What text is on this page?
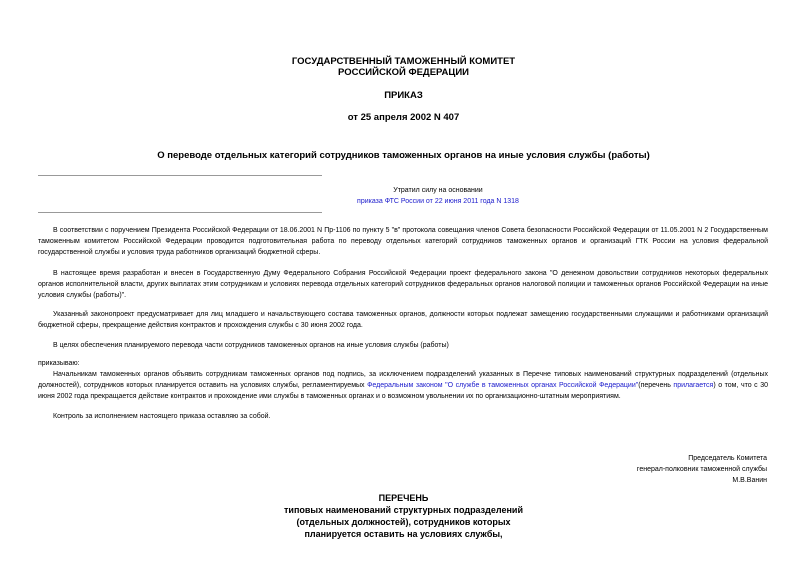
ГОСУДАРСТВЕННЫЙ ТАМОЖЕННЫЙ КОМИТЕТ
РОССИЙСКОЙ ФЕДЕРАЦИИ
ПРИКАЗ
от 25 апреля 2002 N 407
О переводе отдельных категорий сотрудников таможенных органов на иные условия службы (работы)
Утратил силу на основании
приказа ФТС России от 22 июня 2011 года N 1318
В соответствии с поручением Президента Российской Федерации от 18.06.2001 N Пр-1106 по пункту 5 "в" протокола совещания членов Совета безопасности Российской Федерации от 11.05.2001 N 2 Государственным таможенным комитетом Российской Федерации проводится подготовительная работа по переводу отдельных категорий сотрудников таможенных органов и организаций ГТК России на условия федеральной государственной службы и условия труда работников организаций бюджетной сферы.
В настоящее время разработан и внесен в Государственную Думу Федерального Собрания Российской Федерации проект федерального закона "О денежном довольствии сотрудников некоторых федеральных органов исполнительной власти, других выплатах этим сотрудникам и условиях перевода отдельных категорий сотрудников федеральных органов налоговой полиции и таможенных органов Российской Федерации на иные условия службы (работы)".
Указанный законопроект предусматривает для лиц младшего и начальствующего состава таможенных органов, должности которых подлежат замещению государственными служащими и работниками организаций бюджетной сферы, прекращение действия контрактов и прохождения службы с 30 июня 2002 года.
В целях обеспечения планируемого перевода части сотрудников таможенных органов на иные условия службы (работы)
приказываю:
Начальникам таможенных органов объявить сотрудникам таможенных органов под подпись, за исключением подразделений указанных в Перечне типовых наименований структурных подразделений (отдельных должностей), сотрудников которых планируется оставить на условиях службы, регламентируемых Федеральным законом "О службе в таможенных органах Российской Федерации"(перечень прилагается) о том, что с 30 июня 2002 года прекращается действие контрактов и прохождение ими службы в таможенных органах и о возможном увольнении их по организационно-штатным мероприятиям.
Контроль за исполнением настоящего приказа оставляю за собой.
Председатель Комитета
генерал-полковник таможенной службы
М.В.Ванин
ПЕРЕЧЕНЬ
типовых наименований структурных подразделений
(отдельных должностей), сотрудников которых
планируется оставить на условиях службы,
